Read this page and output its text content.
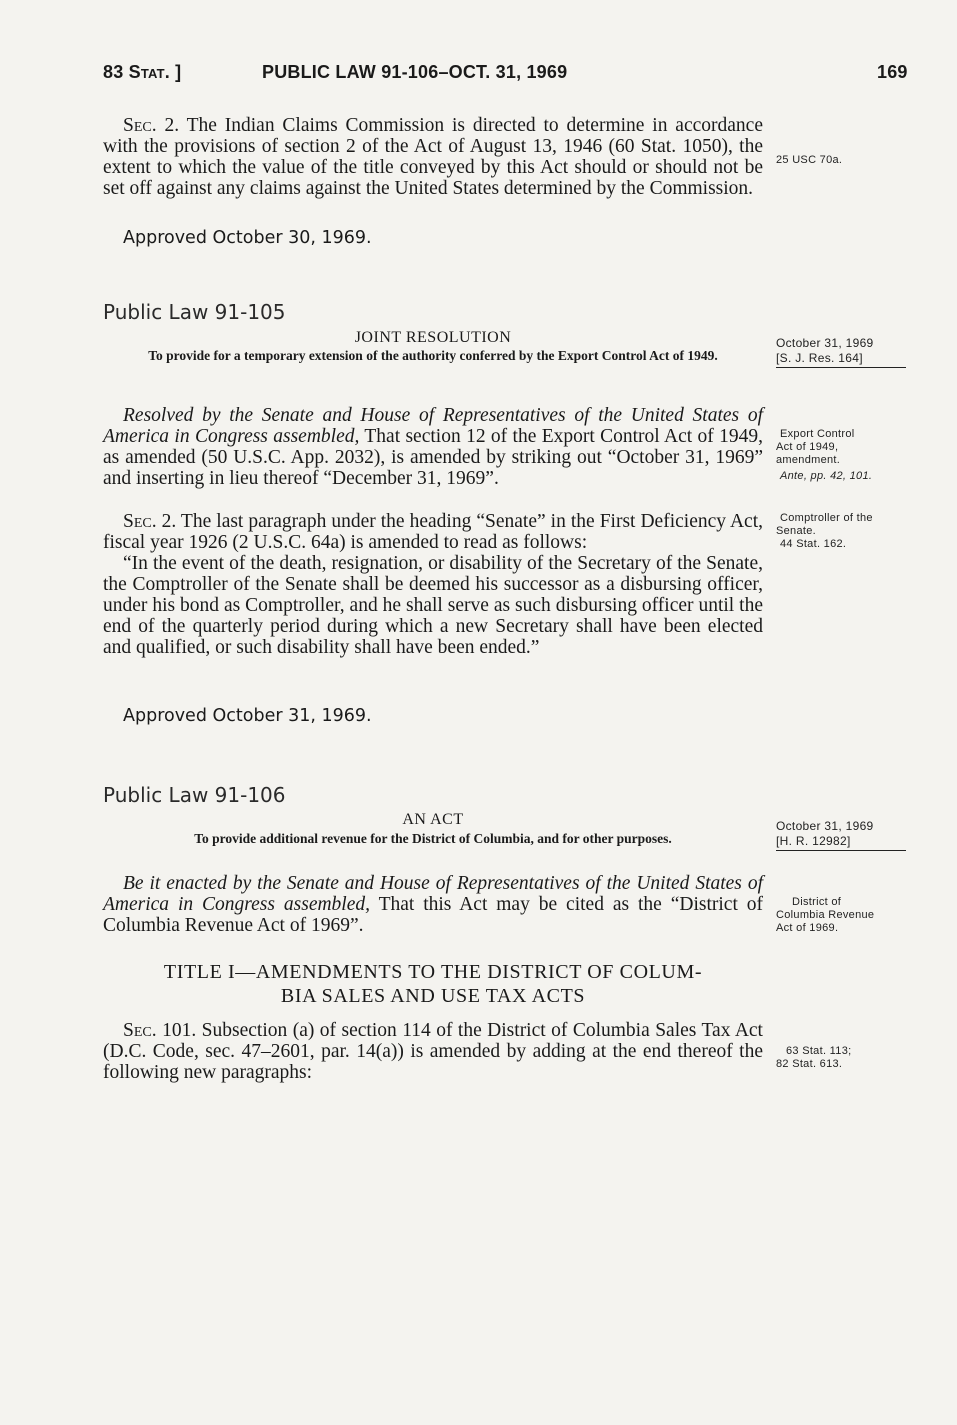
83 Stat. ]	PUBLIC LAW 91-106–OCT. 31, 1969	169

Sec. 2. The Indian Claims Commission is directed to determine in accordance with the provisions of section 2 of the Act of August 13, 1946 (60 Stat. 1050), the extent to which the value of the title conveyed by this Act should or should not be set off against any claims against the United States determined by the Commission.

25 USC 70a.
Approved October 30, 1969.
Public Law 91-105
JOINT RESOLUTION
To provide for a temporary extension of the authority conferred by the Export Control Act of 1949.
October 31, 1969
[S. J. Res. 164]

Resolved by the Senate and House of Representatives of the United States of America in Congress assembled, That section 12 of the Export Control Act of 1949, as amended (50 U.S.C. App. 2032), is amended by striking out “October 31, 1969” and inserting in lieu thereof “December 31, 1969”.

Export Control
Act of 1949,
amendment.
Ante, pp. 42, 101.

Sec. 2. The last paragraph under the heading “Senate” in the First Deficiency Act, fiscal year 1926 (2 U.S.C. 64a) is amended to read as follows:

“In the event of the death, resignation, or disability of the Secretary of the Senate, the Comptroller of the Senate shall be deemed his successor as a disbursing officer, under his bond as Comptroller, and he shall serve as such disbursing officer until the end of the quarterly period during which a new Secretary shall have been elected and qualified, or such disability shall have been ended.”

Comptroller of the
Senate.
44 Stat. 162.
Approved October 31, 1969.
Public Law 91-106
AN ACT
To provide additional revenue for the District of Columbia, and for other purposes.
October 31, 1969
[H. R. 12982]

Be it enacted by the Senate and House of Representatives of the United States of America in Congress assembled, That this Act may be cited as the “District of Columbia Revenue Act of 1969”.

District of
Columbia Revenue
Act of 1969.
TITLE I—AMENDMENTS TO THE DISTRICT OF COLUM-
BIA SALES AND USE TAX ACTS

Sec. 101. Subsection (a) of section 114 of the District of Columbia Sales Tax Act (D.C. Code, sec. 47–2601, par. 14(a)) is amended by adding at the end thereof the following new paragraphs:

63 Stat. 113;
82 Stat. 613.
